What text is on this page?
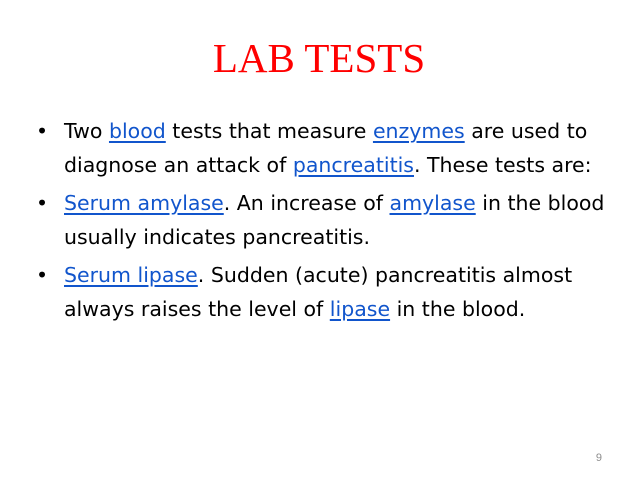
LAB TESTS
• Two blood tests that measure enzymes are used to diagnose an attack of pancreatitis. These tests are:
• Serum amylase. An increase of amylase in the blood usually indicates pancreatitis.
• Serum lipase. Sudden (acute) pancreatitis almost always raises the level of lipase in the blood.
9
